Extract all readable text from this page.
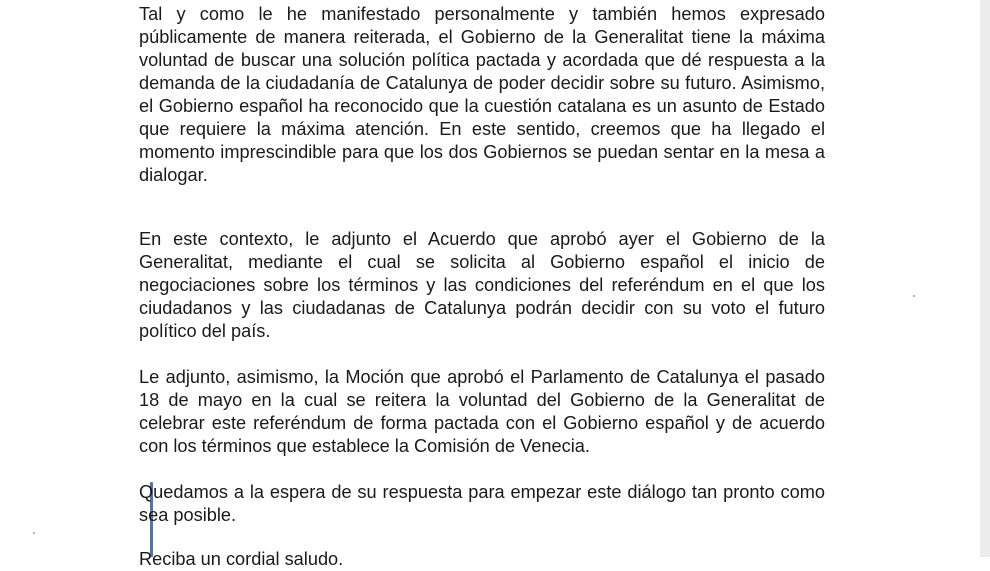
Tal y como le he manifestado personalmente y también hemos expresado públicamente de manera reiterada, el Gobierno de la Generalitat tiene la máxima voluntad de buscar una solución política pactada y acordada que dé respuesta a la demanda de la ciudadanía de Catalunya de poder decidir sobre su futuro. Asimismo, el Gobierno español ha reconocido que la cuestión catalana es un asunto de Estado que requiere la máxima atención. En este sentido, creemos que ha llegado el momento imprescindible para que los dos Gobiernos se puedan sentar en la mesa a dialogar.

En este contexto, le adjunto el Acuerdo que aprobó ayer el Gobierno de la Generalitat, mediante el cual se solicita al Gobierno español el inicio de negociaciones sobre los términos y las condiciones del referéndum en el que los ciudadanos y las ciudadanas de Catalunya podrán decidir con su voto el futuro político del país.

Le adjunto, asimismo, la Moción que aprobó el Parlamento de Catalunya el pasado 18 de mayo en la cual se reitera la voluntad del Gobierno de la Generalitat de celebrar este referéndum de forma pactada con el Gobierno español y de acuerdo con los términos que establece la Comisión de Venecia.

Quedamos a la espera de su respuesta para empezar este diálogo tan pronto como sea posible.

Reciba un cordial saludo.
